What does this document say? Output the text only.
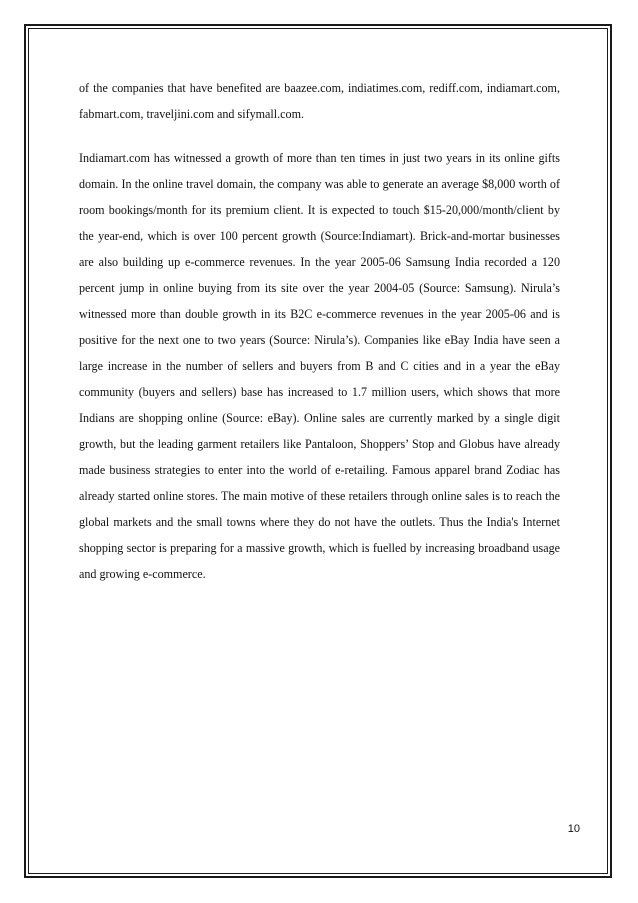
of the companies that have benefited are baazee.com, indiatimes.com, rediff.com, indiamart.com, fabmart.com, traveljini.com and sifymall.com.

Indiamart.com has witnessed a growth of more than ten times in just two years in its online gifts domain. In the online travel domain, the company was able to generate an average $8,000 worth of room bookings/month for its premium client. It is expected to touch $15-20,000/month/client by the year-end, which is over 100 percent growth (Source:Indiamart). Brick-and-mortar businesses are also building up e-commerce revenues. In the year 2005-06 Samsung India recorded a 120 percent jump in online buying from its site over the year 2004-05 (Source: Samsung). Nirula’s witnessed more than double growth in its B2C e-commerce revenues in the year 2005-06 and is positive for the next one to two years (Source: Nirula’s). Companies like eBay India have seen a large increase in the number of sellers and buyers from B and C cities and in a year the eBay community (buyers and sellers) base has increased to 1.7 million users, which shows that more Indians are shopping online (Source: eBay). Online sales are currently marked by a single digit growth, but the leading garment retailers like Pantaloon, Shoppers’ Stop and Globus have already made business strategies to enter into the world of e-retailing. Famous apparel brand Zodiac has already started online stores. The main motive of these retailers through online sales is to reach the global markets and the small towns where they do not have the outlets. Thus the India's Internet shopping sector is preparing for a massive growth, which is fuelled by increasing broadband usage and growing e-commerce.

10
